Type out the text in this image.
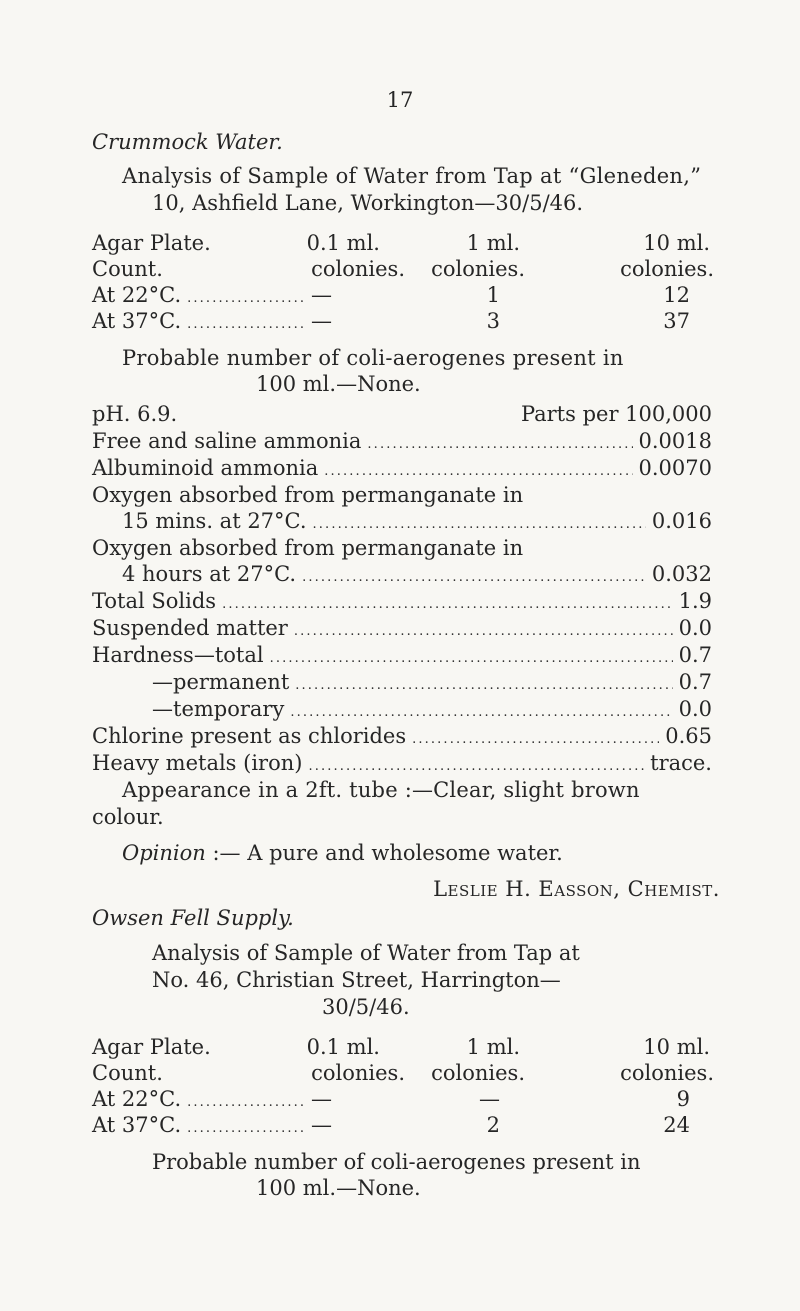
17
Crummock Water.
Analysis of Sample of Water from Tap at “Gleneden,”
10, Ashfield Lane, Workington—30/5/46.
Agar Plate.	0.1 ml.	1 ml.	10 ml.
Count.	colonies.	colonies.	colonies.
At 22°C. . . .	—	1	12
At 37°C. . . .	—	3	37
Probable number of coli-aerogenes present in
100 ml.—None.
pH. 6.9.	Parts per 100,000
Free and saline ammonia . . .	0.0018
Albuminoid ammonia . . .	0.0070
Oxygen absorbed from permanganate in
15 mins. at 27°C. . . .	0.016
Oxygen absorbed from permanganate in
4 hours at 27°C. . . .	0.032
Total Solids . . .	1.9
Suspended matter . . .	0.0
Hardness—total . . .	0.7
—permanent . . .	0.7
—temporary . . .	0.0
Chlorine present as chlorides . . .	0.65
Heavy metals (iron) . . .	trace.
Appearance in a 2ft. tube :—Clear, slight brown
colour.
Opinion :— A pure and wholesome water.
Leslie H. Easson, Chemist.
Owsen Fell Supply.
Analysis of Sample of Water from Tap at
No. 46, Christian Street, Harrington—
30/5/46.
Agar Plate.	0.1 ml.	1 ml.	10 ml.
Count.	colonies.	colonies.	colonies.
At 22°C. . . .	—	—	9
At 37°C. . . .	—	2	24
Probable number of coli-aerogenes present in
100 ml.—None.
